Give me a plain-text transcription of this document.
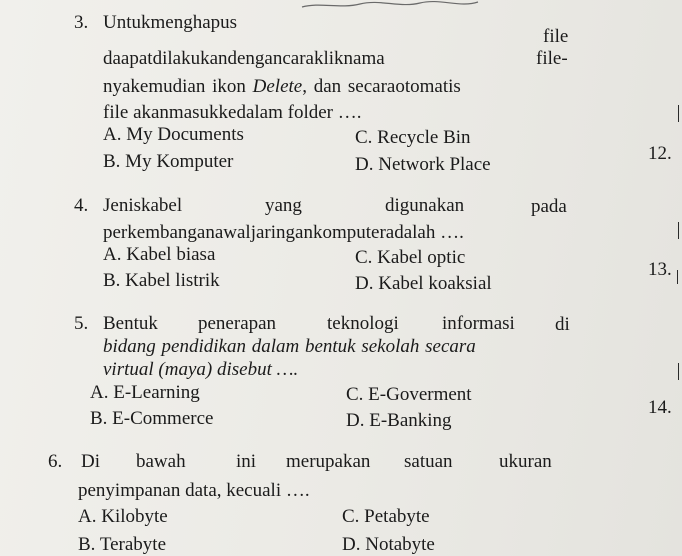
3. Untukmenghapus
file
daapatdilakukandengancarakliknama	file-
nyakemudian ikon Delete, dan secaraotomatis
file akanmasukkedalam folder ….
A. My Documents	C. Recycle Bin
B. My Komputer	D. Network Place
4. Jeniskabel	yang	digunakan	pada
perkembanganawaljaringankomputeradalah ….
A. Kabel biasa	C. Kabel optic
B. Kabel listrik	D. Kabel koaksial
5. Bentuk penerapan	teknologi informasi di
bidang pendidikan dalam bentuk sekolah secara
virtual (maya) disebut ….
A. E-Learning	C. E-Goverment
B. E-Commerce	D. E-Banking
6. Di bawah	ini merupakan satuan ukuran
penyimpanan data, kecuali ….
A. Kilobyte	C. Petabyte
B. Terabyte	D. Notabyte
12.
13.
14.
